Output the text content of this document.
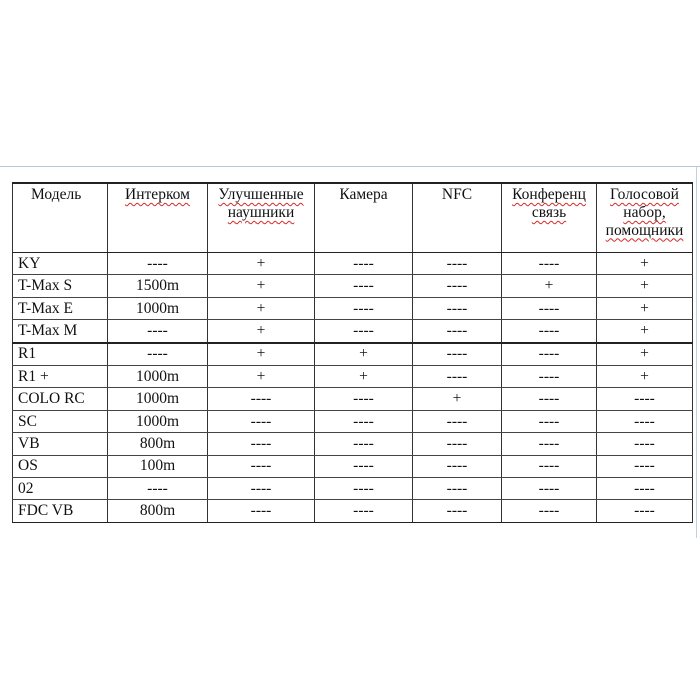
Модель	Интерком	Улучшенные наушники	Камера	NFC	Конференц связь	Голосовой набор, помощники
KY	----	+	----	----	----	+
T-Max S	1500m	+	----	----	+	+
T-Max E	1000m	+	----	----	----	+
T-Max M	----	+	----	----	----	+
R1	----	+	+	----	----	+
R1 +	1000m	+	+	----	----	+
COLO RC	1000m	----	----	+	----	----
SC	1000m	----	----	----	----	----
VB	800m	----	----	----	----	----
OS	100m	----	----	----	----	----
02	----	----	----	----	----	----
FDC VB	800m	----	----	----	----	----
